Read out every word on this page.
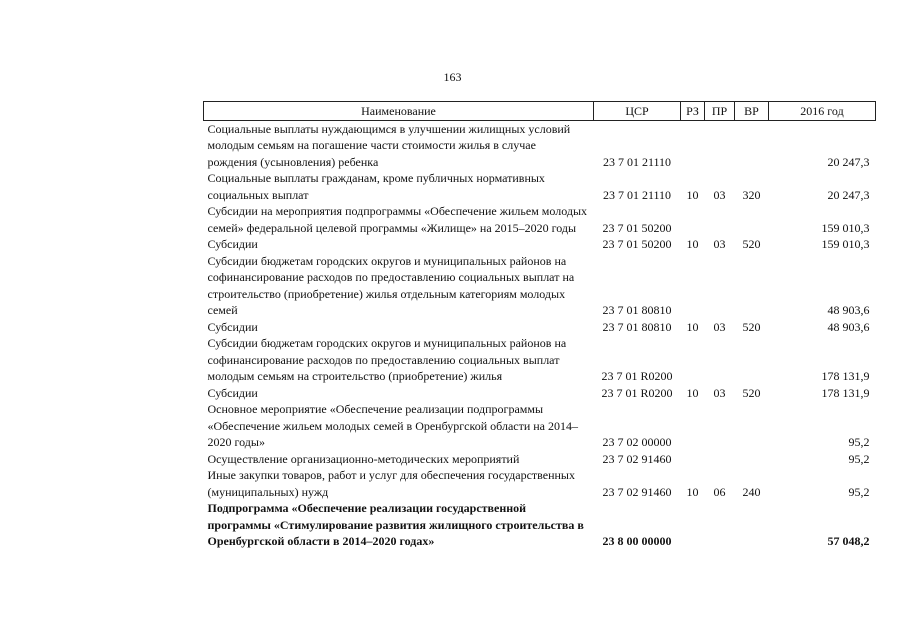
163
Наименование	ЦСР	РЗ	ПР	ВР	2016 год
Социальные выплаты нуждающимся в улучшении жилищных условий молодым семьям на погашение части стоимости жилья в случае рождения (усыновления) ребенка	23 7 01 21110				20 247,3
Социальные выплаты гражданам, кроме публичных нормативных социальных выплат	23 7 01 21110	10	03	320	20 247,3
Субсидии на мероприятия подпрограммы «Обеспечение жильем молодых семей» федеральной целевой программы «Жилище» на 2015–2020 годы	23 7 01 50200				159 010,3
Субсидии	23 7 01 50200	10	03	520	159 010,3
Субсидии бюджетам городских округов и муниципальных районов на софинансирование расходов по предоставлению социальных выплат на строительство (приобретение) жилья отдельным категориям молодых семей	23 7 01 80810				48 903,6
Субсидии	23 7 01 80810	10	03	520	48 903,6
Субсидии бюджетам городских округов и муниципальных районов на софинансирование расходов по предоставлению социальных выплат молодым семьям на строительство (приобретение) жилья	23 7 01 R0200				178 131,9
Субсидии	23 7 01 R0200	10	03	520	178 131,9
Основное мероприятие «Обеспечение реализации подпрограммы «Обеспечение жильем молодых семей в Оренбургской области на 2014–2020 годы»	23 7 02 00000				95,2
Осуществление организационно-методических мероприятий	23 7 02 91460				95,2
Иные закупки товаров, работ и услуг для обеспечения государственных (муниципальных) нужд	23 7 02 91460	10	06	240	95,2
Подпрограмма «Обеспечение реализации государственной программы «Стимулирование развития жилищного строительства в Оренбургской области в 2014–2020 годах»	23 8 00 00000				57 048,2
